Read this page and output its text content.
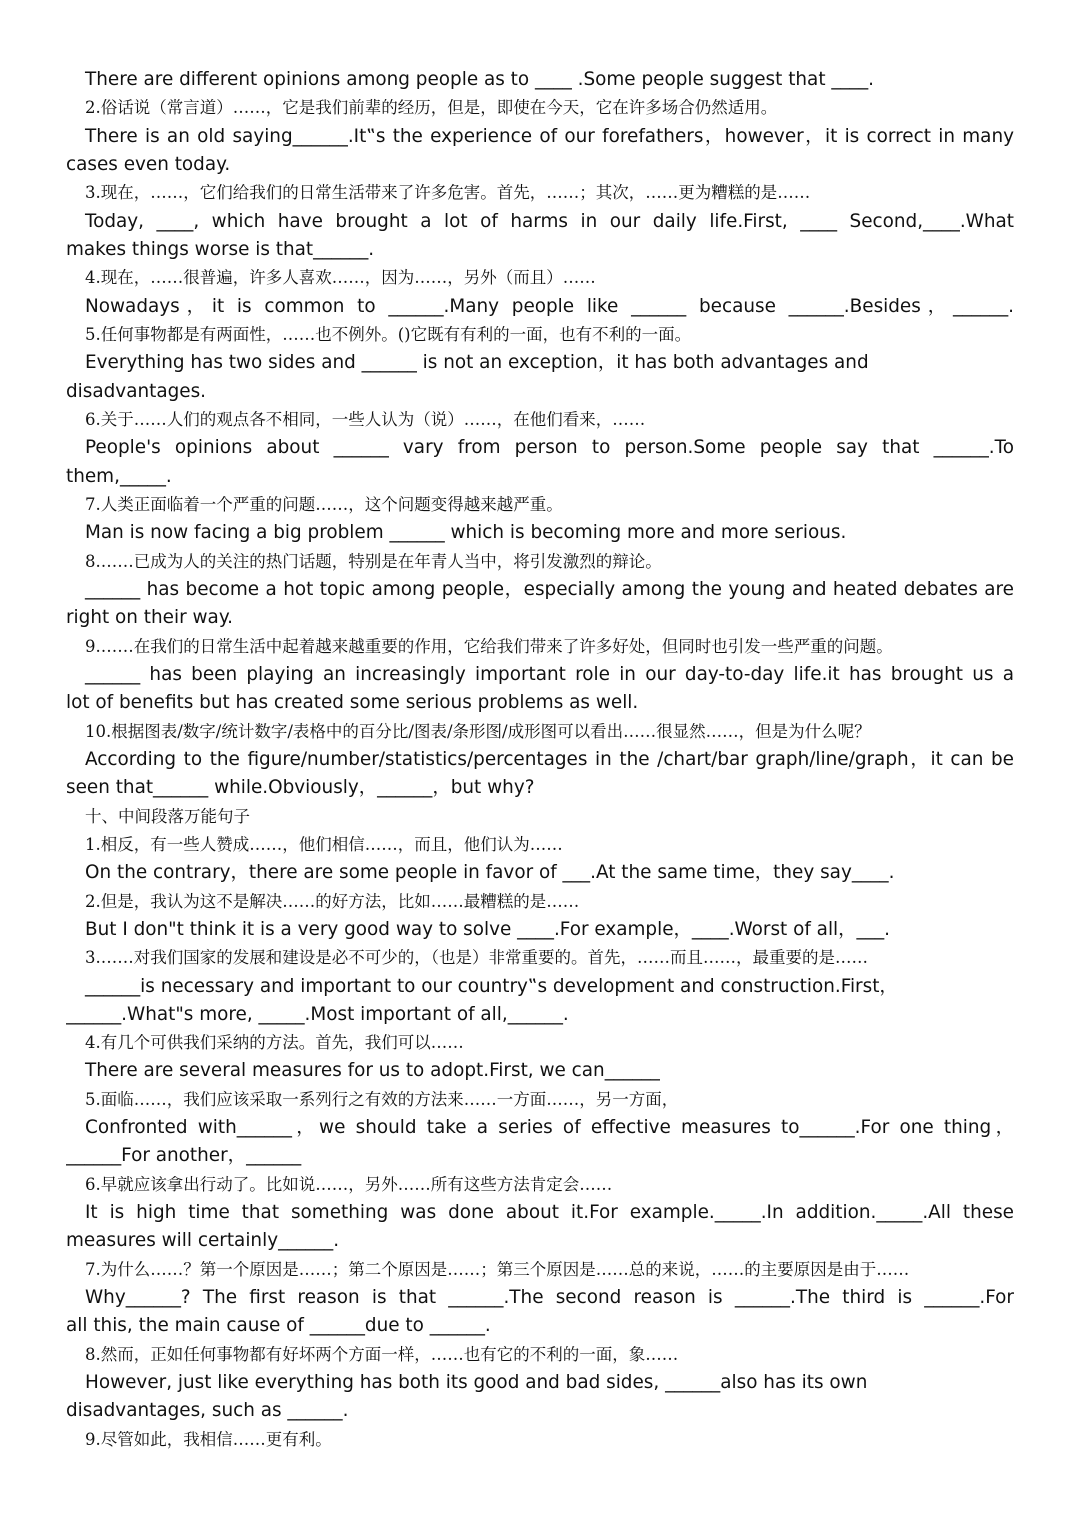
There are different opinions among people as to ____ .Some people suggest that ____.
2.俗话说（常言道）……，它是我们前辈的经历，但是，即使在今天，它在许多场合仍然适用。
There is an old saying______.It‟s the experience of our forefathers，however，it is correct in many
cases even today.
3.现在，……，它们给我们的日常生活带来了许多危害。首先，……；其次，……更为糟糕的是……
Today, ____, which have brought a lot of harms in our daily life.First, ____ Second,____.What
makes things worse is that______.
4.现在，……很普遍，许多人喜欢……，因为……，另外（而且）……
Nowadays，it is common to ______.Many people like ______ because ______.Besides，______.
5.任何事物都是有两面性，……也不例外。()它既有有利的一面，也有不利的一面。
Everything has two sides and ______ is not an exception，it has both advantages and
disadvantages.
6.关于……人们的观点各不相同，一些人认为（说）……，在他们看来，……
People's opinions about ______ vary from person to person.Some people say that ______.To
them,_____.
7.人类正面临着一个严重的问题……，这个问题变得越来越严重。
Man is now facing a big problem ______ which is becoming more and more serious.
8.……已成为人的关注的热门话题，特别是在年青人当中，将引发激烈的辩论。
______ has become a hot topic among people，especially among the young and heated debates are
right on their way.
9.……在我们的日常生活中起着越来越重要的作用，它给我们带来了许多好处，但同时也引发一些严重的问题。
______ has been playing an increasingly important role in our day-to-day life.it has brought us a
lot of benefits but has created some serious problems as well.
10.根据图表/数字/统计数字/表格中的百分比/图表/条形图/成形图可以看出……很显然……，但是为什么呢？
According to the figure/number/statistics/percentages in the /chart/bar graph/line/graph，it can be
seen that______ while.Obviously，______，but why?
十、中间段落万能句子
1.相反，有一些人赞成……，他们相信……，而且，他们认为……
On the contrary，there are some people in favor of ___.At the same time，they say____.
2.但是，我认为这不是解决……的好方法，比如……最糟糕的是……
But I don"t think it is a very good way to solve ____.For example，____.Worst of all，___.
3.……对我们国家的发展和建设是必不可少的，（也是）非常重要的。首先，……而且……，最重要的是……
______is necessary and important to our country‟s development and construction.First，
______.What"s more, _____.Most important of all,______.
4.有几个可供我们采纳的方法。首先，我们可以……
There are several measures for us to adopt.First, we can______
5.面临……，我们应该采取一系列行之有效的方法来……一方面……，另一方面，
Confronted with______，we should take a series of effective measures to______.For one thing，
______For another，______
6.早就应该拿出行动了。比如说……，另外……所有这些方法肯定会……
It is high time that something was done about it.For example._____.In addition._____.All these
measures will certainly______.
7.为什么……？第一个原因是……；第二个原因是……；第三个原因是……总的来说，……的主要原因是由于……
Why______? The first reason is that ______.The second reason is ______.The third is ______.For
all this, the main cause of ______due to ______.
8.然而，正如任何事物都有好坏两个方面一样，……也有它的不利的一面，象……
However, just like everything has both its good and bad sides, ______also has its own
disadvantages, such as ______.
9.尽管如此，我相信……更有利。
